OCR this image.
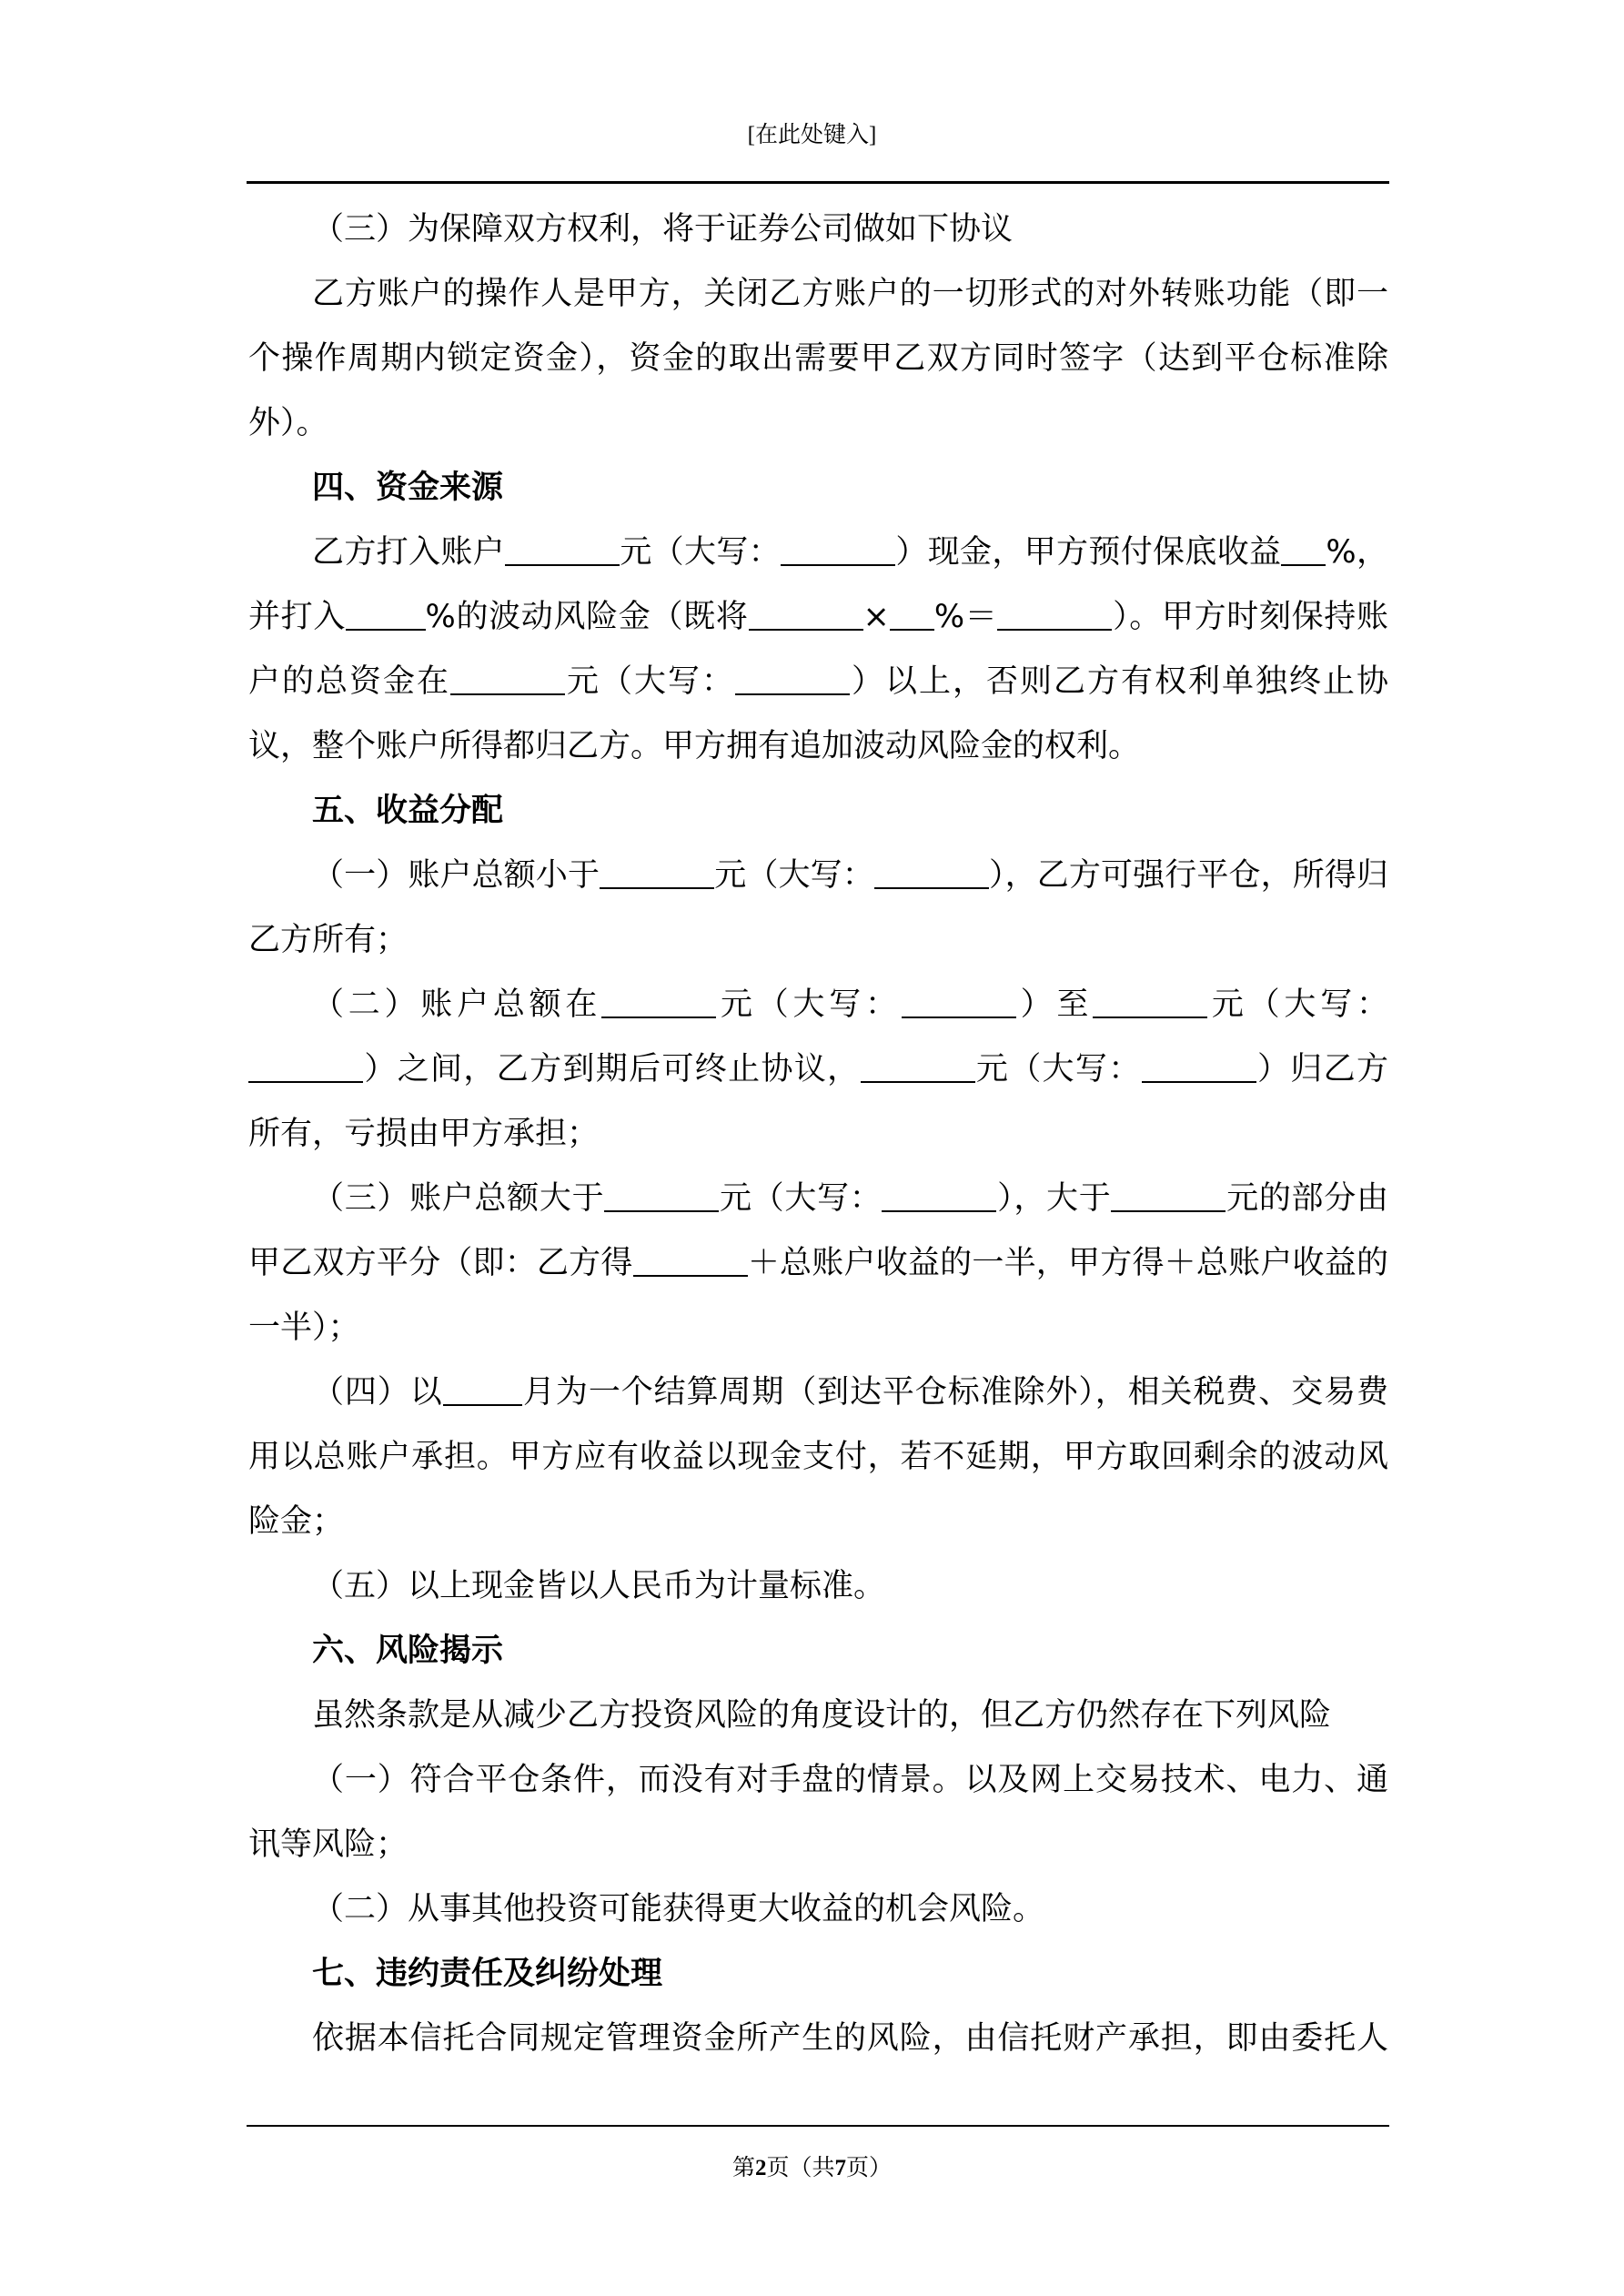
[在此处键入]

（三）为保障双方权利，将于证券公司做如下协议

乙方账户的操作人是甲方，关闭乙方账户的一切形式的对外转账功能（即一个操作周期内锁定资金），资金的取出需要甲乙双方同时签字（达到平仓标准除外）。

四、资金来源

乙方打入账户	元（大写：	）现金，甲方预付保底收益 %，并打入	%的波动风险金（既将	× %＝	）。甲方时刻保持账户的总资金在	元（大写：	）以上，否则乙方有权利单独终止协议，整个账户所得都归乙方。甲方拥有追加波动风险金的权利。

五、收益分配

（一）账户总额小于	元（大写：	），乙方可强行平仓，所得归乙方所有；

（二）账户总额在	元（大写：	）至	元（大写：）之间，乙方到期后可终止协议，	元（大写：	）归乙方所有，亏损由甲方承担；

（三）账户总额大于	元（大写：	），大于	元的部分由甲乙双方平分（即：乙方得	＋总账户收益的一半，甲方得＋总账户收益的一半）；

（四）以	月为一个结算周期（到达平仓标准除外），相关税费、交易费用以总账户承担。甲方应有收益以现金支付，若不延期，甲方取回剩余的波动风险金；

（五）以上现金皆以人民币为计量标准。

六、风险揭示

虽然条款是从减少乙方投资风险的角度设计的，但乙方仍然存在下列风险

（一）符合平仓条件，而没有对手盘的情景。以及网上交易技术、电力、通讯等风险；

（二）从事其他投资可能获得更大收益的机会风险。

七、违约责任及纠纷处理

依据本信托合同规定管理资金所产生的风险，由信托财产承担，即由委托人

第2页（共7页）
